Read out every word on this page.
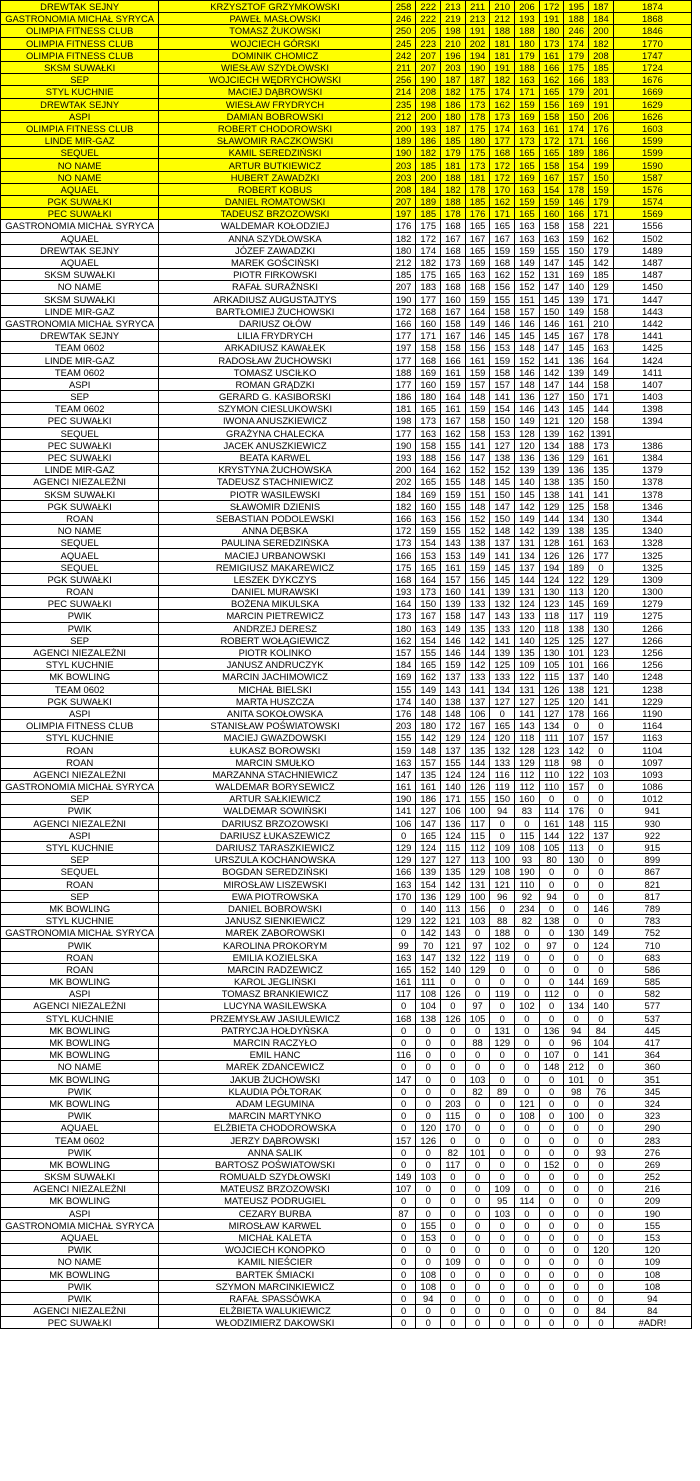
DREWTAK SEJNY	KRZYSZTOF GRZYMKOWSKI	258	222	213	211	210	206	172	195	187	1874
GASTRONOMIA MICHAŁ SYRYCA	PAWEŁ MASŁOWSKI	246	222	219	213	212	193	191	188	184	1868
OLIMPIA FITNESS CLUB	TOMASZ ŻUKOWSKI	250	205	198	191	188	188	180	246	200	1846
OLIMPIA FITNESS CLUB	WOJCIECH GÓRSKI	245	223	210	202	181	180	173	174	182	1770
OLIMPIA FITNESS CLUB	DOMINIK CHOMICZ	242	207	196	194	181	179	161	179	208	1747
SKSM SUWAŁKI	WIESŁAW SZYDŁOWSKI	211	207	203	190	191	188	166	175	185	1724
SEP	WOJCIECH WĘDRYCHOWSKI	256	190	187	187	182	163	162	166	183	1676
STYL KUCHNIE	MACIEJ DĄBROWSKI	214	208	182	175	174	171	165	179	201	1669
DREWTAK SEJNY	WIESŁAW FRYDRYCH	235	198	186	173	162	159	156	169	191	1629
ASPI	DAMIAN BOBROWSKI	212	200	180	178	173	169	158	150	206	1626
OLIMPIA FITNESS CLUB	ROBERT CHODOROWSKI	200	193	187	175	174	163	161	174	176	1603
LINDE MIR-GAZ	SŁAWOMIR RACZKOWSKI	189	186	185	180	177	173	172	171	166	1599
SEQUEL	KAMIL SEREDZIŃSKI	190	182	179	175	168	165	165	189	186	1599
NO NAME	ARTUR BUTKIEWICZ	203	185	181	173	172	165	158	154	199	1590
NO NAME	HUBERT ZAWADZKI	203	200	188	181	172	169	167	157	150	1587
AQUAEL	ROBERT KOBUS	208	184	182	178	170	163	154	178	159	1576
PGK SUWAŁKI	DANIEL ROMATOWSKI	207	189	188	185	162	159	159	146	179	1574
PEC SUWAŁKI	TADEUSZ BRZOZOWSKI	197	185	178	176	171	165	160	166	171	1569
GASTRONOMIA MICHAŁ SYRYCA	WALDEMAR KOŁODZIEJ	176	175	168	165	165	163	158	158	221	1556
AQUAEL	ANNA SZYDŁOWSKA	182	172	167	167	167	163	163	159	162	1502
DREWTAK SEJNY	JÓZEF ZAWADZKI	180	174	168	165	159	159	155	150	179	1489
AQUAEL	MAREK GOŚCIŃSKI	212	182	173	169	168	149	147	145	142	1487
SKSM SUWAŁKI	PIOTR FIRKOWSKI	185	175	165	163	162	152	131	169	185	1487
NO NAME	RAFAŁ SURAŻNSKI	207	183	168	168	156	152	147	140	129	1450
SKSM SUWAŁKI	ARKADIUSZ AUGUSTAJTYS	190	177	160	159	155	151	145	139	171	1447
LINDE MIR-GAZ	BARTŁOMIEJ ŻUCHOWSKI	172	168	167	164	158	157	150	149	158	1443
GASTRONOMIA MICHAŁ SYRYCA	DARIUSZ OŁÓW	166	160	158	149	146	146	146	161	210	1442
DREWTAK SEJNY	LILIA FRYDRYCH	177	171	167	146	145	145	145	167	178	1441
TEAM 0602	ARKADIUSZ KAWAŁEK	197	158	158	156	153	148	147	145	163	1425
LINDE MIR-GAZ	RADOSŁAW ŻUCHOWSKI	177	168	166	161	159	152	141	136	164	1424
TEAM 0602	TOMASZ USCIŁKO	188	169	161	159	158	146	142	139	149	1411
ASPI	ROMAN GRĄDZKI	177	160	159	157	157	148	147	144	158	1407
SEP	GERARD G. KASIBORSKI	186	180	164	148	141	136	127	150	171	1403
TEAM 0602	SZYMON CIESLUKOWSKI	181	165	161	159	154	146	143	145	144	1398
PEC SUWAŁKI	IWONA ANUSZKIEWICZ	198	173	167	158	150	149	121	120	158	1394
SEQUEL	GRAŻYNA CHALECKA	177	163	162	158	153	128	139	162	1391	
PEC SUWAŁKI	JACEK ANUSZKIEWICZ	190	158	155	141	127	120	134	188	173	1386
PEC SUWAŁKI	BEATA KARWEL	193	188	156	147	138	136	136	129	161	1384
LINDE MIR-GAZ	KRYSTYNA ŻUCHOWSKA	200	164	162	152	152	139	139	136	135	1379
AGENCI NIEZALEŻNI	TADEUSZ STACHNIEWICZ	202	165	155	148	145	140	138	135	150	1378
SKSM SUWAŁKI	PIOTR WASILEWSKI	184	169	159	151	150	145	138	141	141	1378
PGK SUWAŁKI	SŁAWOMIR DZIENIS	182	160	155	148	147	142	129	125	158	1346
ROAN	SEBASTIAN PODOLEWSKI	166	163	156	152	150	149	144	134	130	1344
NO NAME	ANNA DĘBSKA	172	159	155	152	148	142	139	138	135	1340
SEQUEL	PAULINA SEREDZIŃSKA	173	154	143	138	137	131	128	161	163	1328
AQUAEL	MACIEJ URBANOWSKI	166	153	153	149	141	134	126	126	177	1325
SEQUEL	REMIGIUSZ MAKAREWICZ	175	165	161	159	145	137	194	189	0	1325
PGK SUWAŁKI	LESZEK DYKCZYS	168	164	157	156	145	144	124	122	129	1309
ROAN	DANIEL MURAWSKI	193	173	160	141	139	131	130	113	120	1300
PEC SUWAŁKI	BOŻENA MIKULSKA	164	150	139	133	132	124	123	145	169	1279
PWIK	MARCIN PIETREWICZ	173	167	158	147	143	133	118	117	119	1275
PWIK	ANDRZEJ DERESZ	180	163	149	135	133	120	118	138	130	1266
SEP	ROBERT WOŁĄGIEWICZ	162	154	146	142	141	140	125	125	127	1266
AGENCI NIEZALEŻNI	PIOTR KOLINKO	157	155	146	144	139	135	130	101	123	1256
STYL KUCHNIE	JANUSZ ANDRUCZYK	184	165	159	142	125	109	105	101	166	1256
MK BOWLING	MARCIN JACHIMOWICZ	169	162	137	133	133	122	115	137	140	1248
TEAM 0602	MICHAŁ BIELSKI	155	149	143	141	134	131	126	138	121	1238
PGK SUWAŁKI	MARTA HUSZCZA	174	140	138	137	127	127	125	120	141	1229
ASPI	ANITA SOKOŁOWSKA	176	148	148	106	0	141	127	178	166	1190
OLIMPIA FITNESS CLUB	STANISŁAW POŚWIATOWSKI	203	180	172	167	165	143	134	0	0	1164
STYL KUCHNIE	MACIEJ GWAZDOWSKI	155	142	129	124	120	118	111	107	157	1163
ROAN	ŁUKASZ BOROWSKI	159	148	137	135	132	128	123	142	0	1104
ROAN	MARCIN SMUŁKO	163	157	155	144	133	129	118	98	0	1097
AGENCI NIEZALEŻNI	MARZANNA STACHNIEWICZ	147	135	124	124	116	112	110	122	103	1093
GASTRONOMIA MICHAŁ SYRYCA	WALDEMAR BORYSEWICZ	161	161	140	126	119	112	110	157	0	1086
SEP	ARTUR SAŁKIEWICZ	190	186	171	155	150	160	0	0	0	1012
PWIK	WALDEMAR SOWIŃSKI	141	127	106	100	94	83	114	176	0	941
AGENCI NIEZALEŻNI	DARIUSZ BRZOZOWSKI	106	147	136	117	0	0	161	148	115	930
ASPI	DARIUSZ ŁUKASZEWICZ	0	165	124	115	0	115	144	122	137	922
STYL KUCHNIE	DARIUSZ TARASZKIEWICZ	129	124	115	112	109	108	105	113	0	915
SEP	URSZULA KOCHANOWSKA	129	127	127	113	100	93	80	130	0	899
SEQUEL	BOGDAN SEREDZIŃSKI	166	139	135	129	108	190	0	0	0	867
ROAN	MIROSŁAW LISZEWSKI	163	154	142	131	121	110	0	0	0	821
SEP	EWA PIOTROWSKA	170	136	129	100	96	92	94	0	0	817
MK BOWLING	DANIEL BOBROWSKI	0	140	113	156	0	234	0	0	146	789
STYL KUCHNIE	JANUSZ SIENKIEWICZ	129	122	121	103	88	82	138	0	0	783
GASTRONOMIA MICHAŁ SYRYCA	MAREK ZABOROWSKI	0	142	143	0	188	0	0	130	149	752
PWIK	KAROLINA PROKORYM	99	70	121	97	102	0	97	0	124	710
ROAN	EMILIA KOZIELSKA	163	147	132	122	119	0	0	0	0	683
ROAN	MARCIN RADZEWICZ	165	152	140	129	0	0	0	0	0	586
MK BOWLING	KAROL JEGLIŃSKI	161	111	0	0	0	0	0	144	169	585
ASPI	TOMASZ BRANKIEWICZ	117	108	126	0	119	0	112	0	0	582
AGENCI NIEZALEŻNI	LUCYNA WASILEWSKA	0	104	0	97	0	102	0	134	140	577
STYL KUCHNIE	PRZEMYSŁAW JASIULEWICZ	168	138	126	105	0	0	0	0	0	537
MK BOWLING	PATRYCJA HOŁDYŃSKA	0	0	0	0	131	0	136	94	84	445
MK BOWLING	MARCIN RACZYŁO	0	0	0	88	129	0	0	96	104	417
MK BOWLING	EMIL HANC	116	0	0	0	0	0	107	0	141	364
NO NAME	MAREK ZDANCEWICZ	0	0	0	0	0	0	148	212	0	360
MK BOWLING	JAKUB ŻUCHOWSKI	147	0	0	103	0	0	0	101	0	351
PWIK	KLAUDIA PÓŁTORAK	0	0	0	82	89	0	0	98	76	345
MK BOWLING	ADAM LEGUMINA	0	0	203	0	0	121	0	0	0	324
PWIK	MARCIN MARTYNKO	0	0	115	0	0	108	0	100	0	323
AQUAEL	ELŻBIETA CHODOROWSKA	0	120	170	0	0	0	0	0	0	290
TEAM 0602	JERZY DĄBROWSKI	157	126	0	0	0	0	0	0	0	283
PWIK	ANNA SALIK	0	0	82	101	0	0	0	0	93	276
MK BOWLING	BARTOSZ POŚWIATOWSKI	0	0	117	0	0	0	152	0	0	269
SKSM SUWAŁKI	ROMUALD SZYDŁOWSKI	149	103	0	0	0	0	0	0	0	252
AGENCI NIEZALEŻNI	MATEUSZ BRZOZOWSKI	107	0	0	0	109	0	0	0	0	216
MK BOWLING	MATEUSZ PODRUGIEL	0	0	0	0	95	114	0	0	0	209
ASPI	CEZARY BURBA	87	0	0	0	103	0	0	0	0	190
GASTRONOMIA MICHAŁ SYRYCA	MIROSŁAW KARWEL	0	155	0	0	0	0	0	0	0	155
AQUAEL	MICHAŁ KALETA	0	153	0	0	0	0	0	0	0	153
PWIK	WOJCIECH KONOPKO	0	0	0	0	0	0	0	0	120	120
NO NAME	KAMIL NIEŚCIER	0	0	109	0	0	0	0	0	0	109
MK BOWLING	BARTEK ŚMIACKI	0	108	0	0	0	0	0	0	0	108
PWIK	SZYMON MARCINKIEWICZ	0	108	0	0	0	0	0	0	0	108
PWIK	RAFAŁ SPASSÓWKA	0	94	0	0	0	0	0	0	0	94
AGENCI NIEZALEŻNI	ELŻBIETA WALUKIEWICZ	0	0	0	0	0	0	0	0	84	84
PEC SUWAŁKI	WŁODZIMIERZ DAKOWSKI	0	0	0	0	0	0	0	0	0	#ADR!
